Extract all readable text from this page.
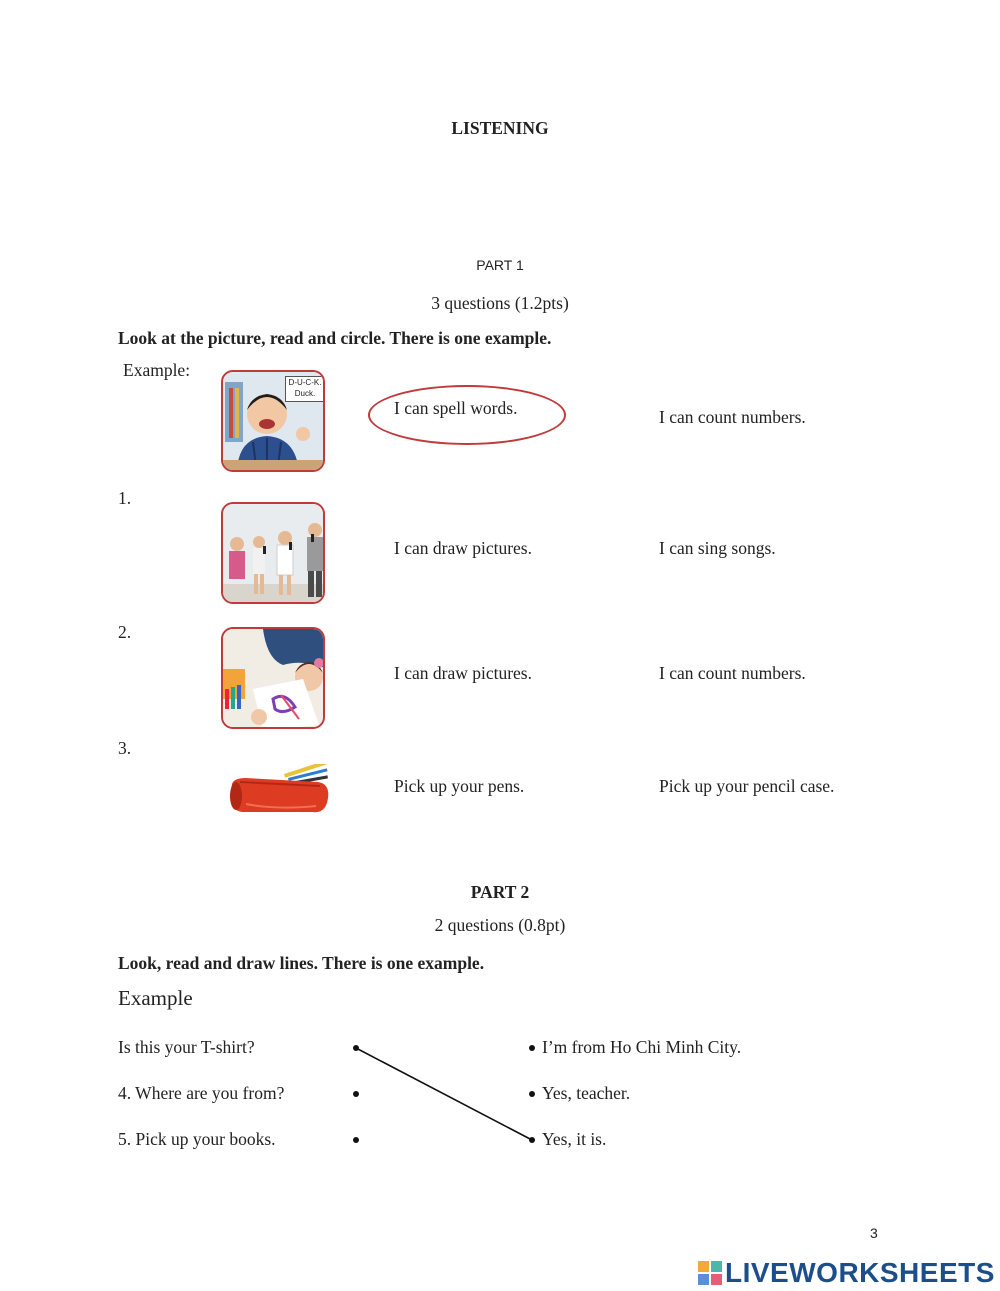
LISTENING
PART 1
3 questions (1.2pts)
Look at the picture, read and circle. There is one example.
Example:
D-U-C-K.
Duck.
I can spell words.	I can count numbers.
1.
I can draw pictures.	I can sing songs.
2.
I can draw pictures.	I can count numbers.
3.
Pick up your pens.	Pick up your pencil case.
PART 2
2 questions (0.8pt)
Look, read and draw lines. There is one example.
Example
Is this your T-shirt?
4. Where are you from?
5. Pick up your books.
I’m from Ho Chi Minh City.
Yes, teacher.
Yes, it is.
3
LIVEWORKSHEETS
